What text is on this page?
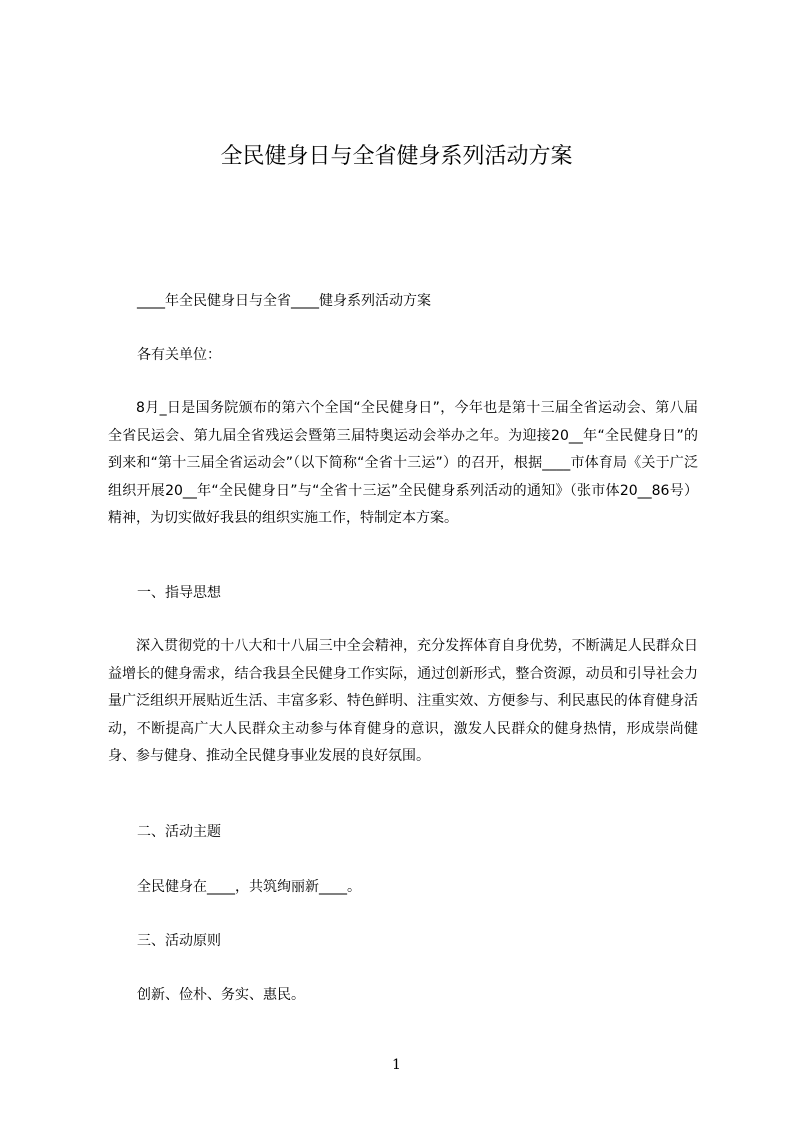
全民健身日与全省健身系列活动方案
____年全民健身日与全省____健身系列活动方案
各有关单位：
8月_日是国务院颁布的第六个全国“全民健身日”，今年也是第十三届全省运动会、第八届全省民运会、第九届全省残运会暨第三届特奥运动会举办之年。为迎接20__年“全民健身日”的到来和“第十三届全省运动会”（以下简称“全省十三运”）的召开，根据____市体育局《关于广泛组织开展20__年“全民健身日”与“全省十三运”全民健身系列活动的通知》（张市体20__86号）精神，为切实做好我县的组织实施工作，特制定本方案。
一、指导思想
深入贯彻党的十八大和十八届三中全会精神，充分发挥体育自身优势，不断满足人民群众日益增长的健身需求，结合我县全民健身工作实际，通过创新形式，整合资源，动员和引导社会力量广泛组织开展贴近生活、丰富多彩、特色鲜明、注重实效、方便参与、利民惠民的体育健身活动，不断提高广大人民群众主动参与体育健身的意识，激发人民群众的健身热情，形成崇尚健身、参与健身、推动全民健身事业发展的良好氛围。
二、活动主题
全民健身在____，共筑绚丽新____。
三、活动原则
创新、俭朴、务实、惠民。
1
